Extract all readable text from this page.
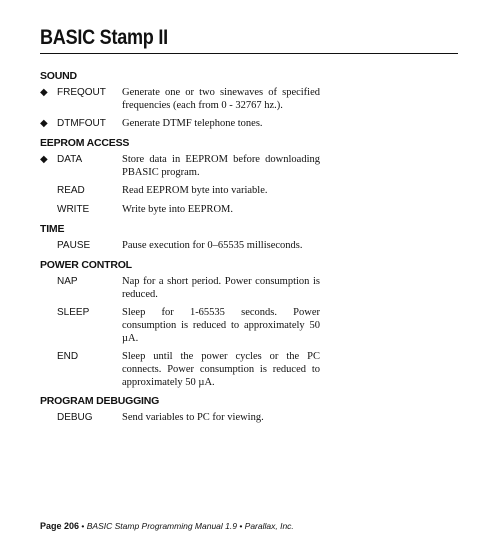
BASIC Stamp II
SOUND
◆ FREQOUT Generate one or two sinewaves of specified frequencies (each from 0 - 32767 hz.).
◆ DTMFOUT Generate DTMF telephone tones.
EEPROM ACCESS
◆ DATA	Store data in EEPROM before downloading PBASIC program.
READ	Read EEPROM byte into variable.
WRITE	Write byte into EEPROM.
TIME
PAUSE	Pause execution for 0–65535 milliseconds.
POWER CONTROL
NAP	Nap for a short period. Power consumption is reduced.
SLEEP	Sleep for 1-65535 seconds. Power consumption is reduced to approximately 50 µA.
END	Sleep until the power cycles or the PC connects. Power consumption is reduced to approximately 50 µA.
PROGRAM DEBUGGING
DEBUG	Send variables to PC for viewing.
Page 206 • BASIC Stamp Programming Manual 1.9 • Parallax, Inc.
